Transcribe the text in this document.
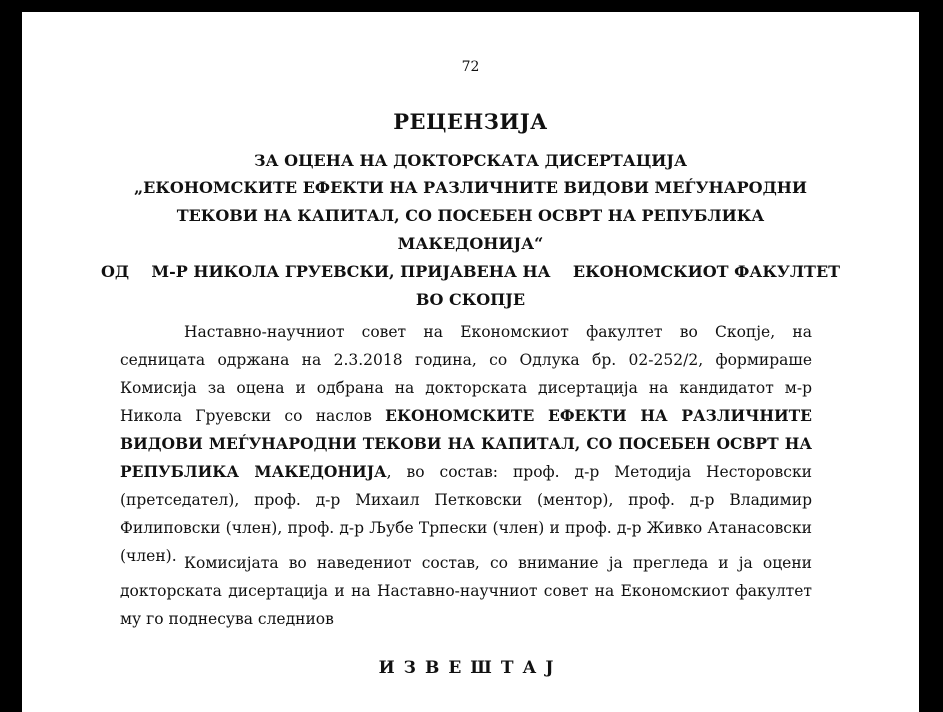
72
РЕЦЕНЗИЈА
ЗА ОЦЕНА НА ДОКТОРСКАТА ДИСЕРТАЦИЈА
„ЕКОНОМСКИТЕ ЕФЕКТИ НА РАЗЛИЧНИТЕ ВИДОВИ МЕЃУНАРОДНИ
ТЕКОВИ НА КАПИТАЛ, СО ПОСЕБЕН ОСВРТ НА РЕПУБЛИКА
МАКЕДОНИЈА“
ОД    М-Р НИКОЛА ГРУЕВСКИ, ПРИЈАВЕНА НА    ЕКОНОМСКИОТ ФАКУЛТЕТ
ВО СКОПЈЕ
Наставно-научниот совет на Економскиот факултет во Скопје, на седницата одржана на 2.3.2018 година, со Одлука бр. 02-252/2, формираше Комисија за оцена и одбрана на докторската дисертација на кандидатот м-р Никола Груевски со наслов ЕКОНОМСКИТЕ ЕФЕКТИ НА РАЗЛИЧНИТЕ ВИДОВИ МЕЃУНАРОДНИ ТЕКОВИ НА КАПИТАЛ, СО ПОСЕБЕН ОСВРТ НА РЕПУБЛИКА МАКЕДОНИЈА, во состав: проф. д-р Методија Несторовски (претседател), проф. д-р Михаил Петковски (ментор), проф. д-р Владимир Филиповски (член), проф. д-р Љубе Трпески (член) и проф. д-р Живко Атанасовски (член). Комисијата во наведениот состав, со внимание ја прегледа и ја оцени докторската дисертација и на Наставно-научниот совет на Економскиот факултет му го поднесува следниов
ИЗВЕШТАЈ
